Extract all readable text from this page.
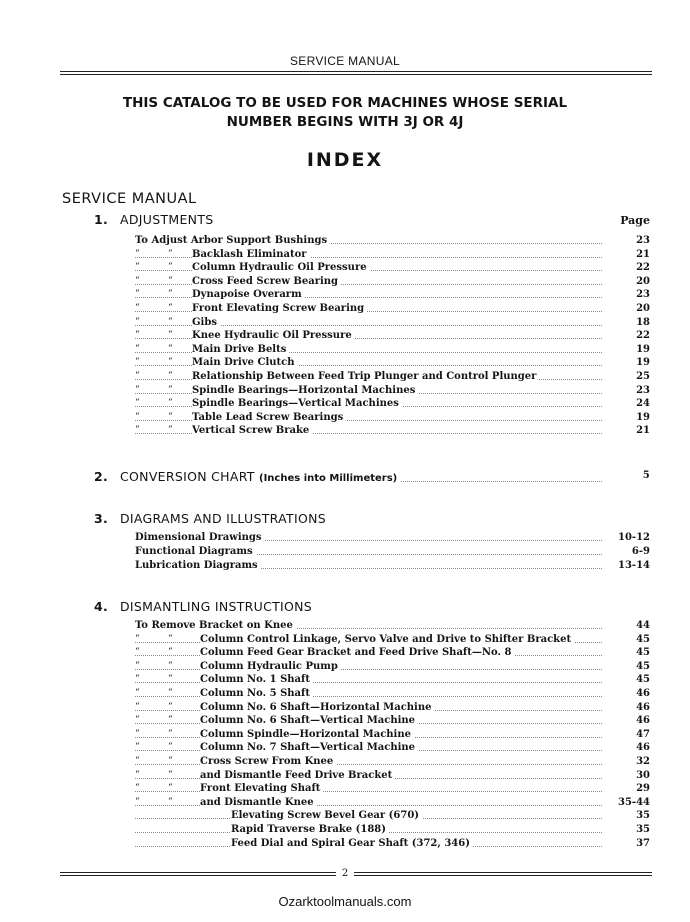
SERVICE MANUAL
THIS CATALOG TO BE USED FOR MACHINES WHOSE SERIAL
NUMBER BEGINS WITH 3J OR 4J
INDEX
SERVICE MANUAL
1. ADJUSTMENTS	Page
To Adjust Arbor Support Bushings	23
“	“ Backlash Eliminator	21
“	“ Column Hydraulic Oil Pressure	22
“	“ Cross Feed Screw Bearing	20
“	“ Dynapoise Overarm	23
“	“ Front Elevating Screw Bearing	20
“	“ Gibs	18
“	“ Knee Hydraulic Oil Pressure	22
“	“ Main Drive Belts	19
“	“ Main Drive Clutch	19
“	“ Relationship Between Feed Trip Plunger and Control Plunger	25
“	“ Spindle Bearings—Horizontal Machines	23
“	“ Spindle Bearings—Vertical Machines	24
“	“ Table Lead Screw Bearings	19
“	“ Vertical Screw Brake	21
2. CONVERSION CHART (Inches into Millimeters)	5
3. DIAGRAMS AND ILLUSTRATIONS
Dimensional Drawings	10-12
Functional Diagrams	6-9
Lubrication Diagrams	13-14
4. DISMANTLING INSTRUCTIONS
To Remove Bracket on Knee	44
“	“	Column Control Linkage, Servo Valve and Drive to Shifter Bracket	45
“	“	Column Feed Gear Bracket and Feed Drive Shaft—No. 8	45
“	“	Column Hydraulic Pump	45
“	“	Column No. 1 Shaft	45
“	“	Column No. 5 Shaft	46
“	“	Column No. 6 Shaft—Horizontal Machine	46
“	“	Column No. 6 Shaft—Vertical Machine	46
“	“	Column Spindle—Horizontal Machine	47
“	“	Column No. 7 Shaft—Vertical Machine	46
“	“	Cross Screw From Knee	32
“	“	and Dismantle Feed Drive Bracket	30
“	“	Front Elevating Shaft	29
“	“	and Dismantle Knee	35-44
Elevating Screw Bevel Gear (670)	35
Rapid Traverse Brake (188)	35
Feed Dial and Spiral Gear Shaft (372, 346)	37
2
Ozarktoolmanuals.com
